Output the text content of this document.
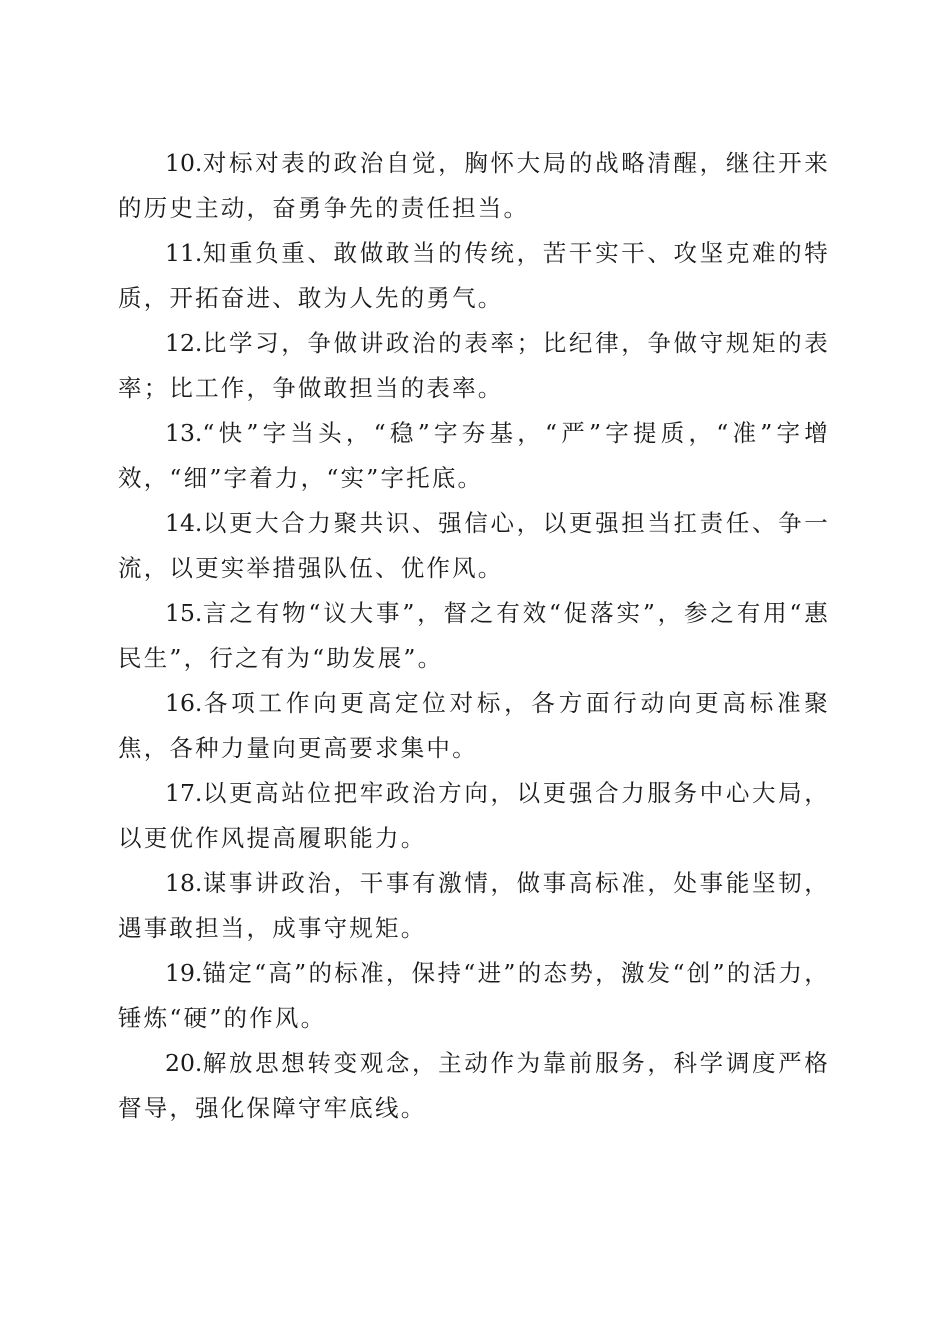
10.对标对表的政治自觉，胸怀大局的战略清醒，继往开来的历史主动，奋勇争先的责任担当。

11.知重负重、敢做敢当的传统，苦干实干、攻坚克难的特质，开拓奋进、敢为人先的勇气。

12.比学习，争做讲政治的表率；比纪律，争做守规矩的表率；比工作，争做敢担当的表率。

13.“快”字当头，“稳”字夯基，“严”字提质，“准”字增效，“细”字着力，“实”字托底。

14.以更大合力聚共识、强信心，以更强担当扛责任、争一流，以更实举措强队伍、优作风。

15.言之有物“议大事”，督之有效“促落实”，参之有用“惠民生”，行之有为“助发展”。

16.各项工作向更高定位对标，各方面行动向更高标准聚焦，各种力量向更高要求集中。

17.以更高站位把牢政治方向，以更强合力服务中心大局，以更优作风提高履职能力。

18.谋事讲政治，干事有激情，做事高标准，处事能坚韧，遇事敢担当，成事守规矩。

19.锚定“高”的标准，保持“进”的态势，激发“创”的活力，锤炼“硬”的作风。

20.解放思想转变观念，主动作为靠前服务，科学调度严格督导，强化保障守牢底线。
